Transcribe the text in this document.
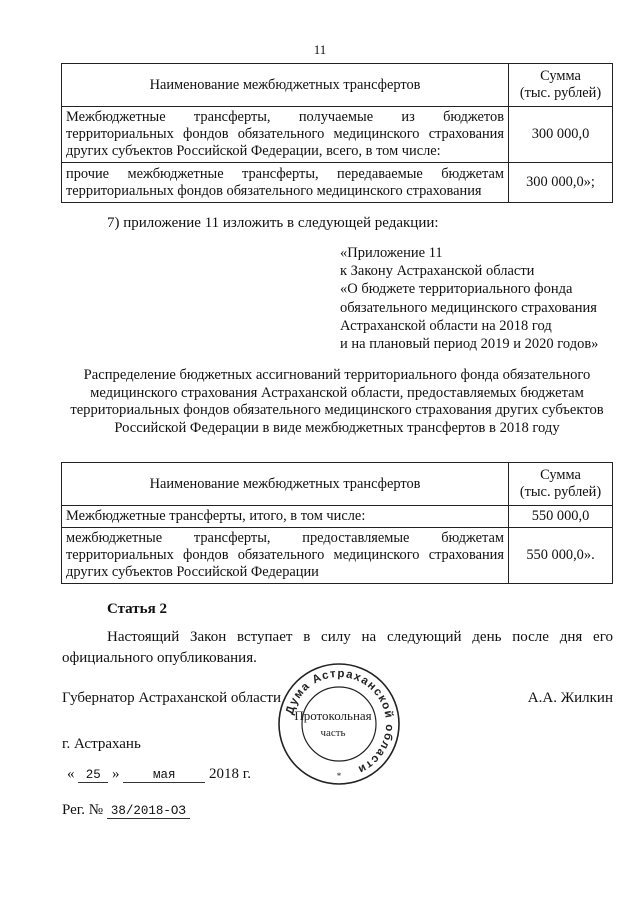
11
Наименование межбюджетных трансфертов	Сумма
(тыс. рублей)

Межбюджетные трансферты, получаемые из бюджетов территориальных фондов обязательного медицинского страхования других субъектов Российской Федерации, всего, в том числе:	300 000,0
прочие межбюджетные трансферты, передаваемые бюджетам территориальных фондов обязательного медицинского страхования	300 000,0»;
7) приложение 11 изложить в следующей редакции:
«Приложение 11
к Закону Астраханской области
«О бюджете территориального фонда
обязательного медицинского страхования
Астраханской области на 2018 год
и на плановый период 2019 и 2020 годов»
Распределение бюджетных ассигнований территориального фонда обязательного медицинского страхования Астраханской области, предоставляемых бюджетам территориальных фондов обязательного медицинского страхования других субъектов Российской Федерации в виде межбюджетных трансфертов в 2018 году
Наименование межбюджетных трансфертов	Сумма
(тыс. рублей)

Межбюджетные трансферты, итого, в том числе:	550 000,0
межбюджетные трансферты, предоставляемые бюджетам территориальных фондов обязательного медицинского страхования других субъектов Российской Федерации	550 000,0».
Статья 2
Настоящий Закон вступает в силу на следующий день после дня его официального опубликования.
Губернатор Астраханской области	А.А. Жилкин
Дума Астраханской области
Протокольная
часть
*
г. Астрахань
« 25 »	мая 2018 г.
Рег. № 38/2018-ОЗ
